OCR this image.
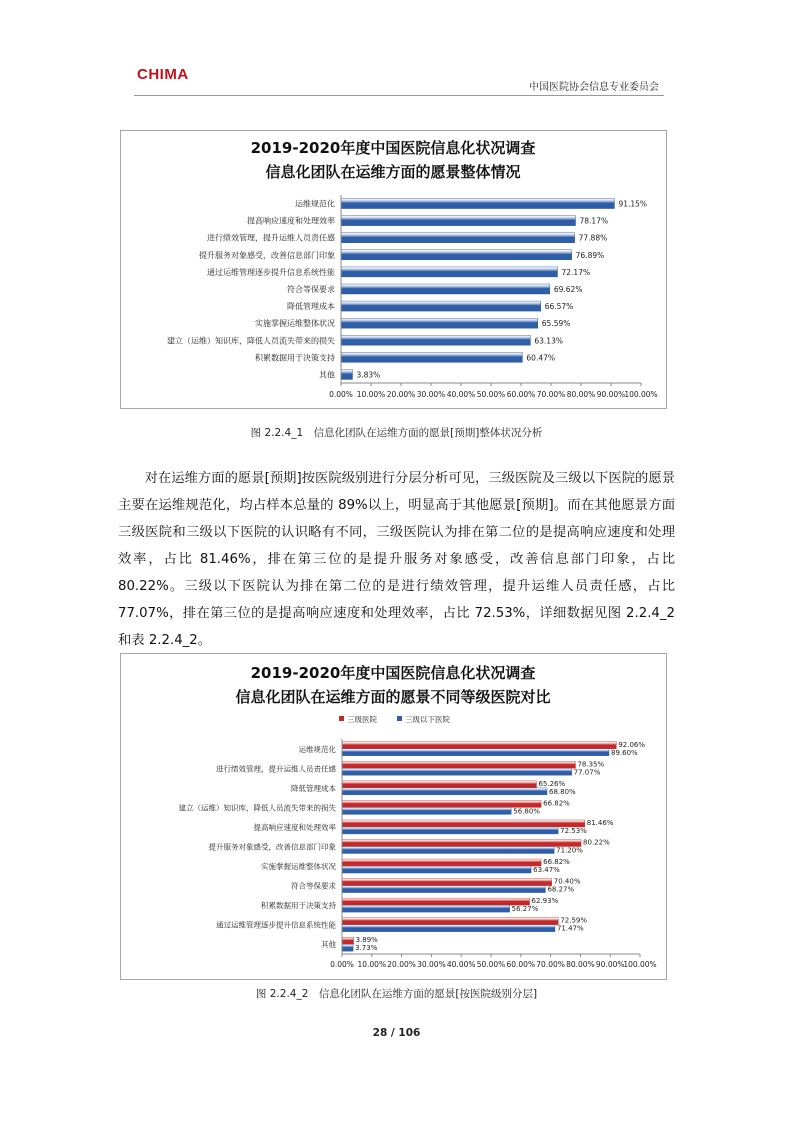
CHIMA
中国医院协会信息专业委员会
2019-2020年度中国医院信息化状况调查
信息化团队在运维方面的愿景整体情况
运维规范化	91.15%
提高响应速度和处理效率	78.17%
进行绩效管理，提升运维人员责任感	77.88%
提升服务对象感受，改善信息部门印象	76.89%
通过运维管理逐步提升信息系统性能	72.17%
符合等保要求	69.62%
降低管理成本	66.57%
实施掌握运维整体状况	65.59%
建立（运维）知识库，降低人员流失带来的损失	63.13%
积累数据用于决策支持	60.47%
其他	3.83%
0.00% 10.00% 20.00% 30.00% 40.00% 50.00% 60.00% 70.00% 80.00% 90.00% 100.00%
图 2.2.4_1　信息化团队在运维方面的愿景[预期]整体状况分析

对在运维方面的愿景[预期]按医院级别进行分层分析可见，三级医院及三级以下医院的愿景主要在运维规范化，均占样本总量的 89%以上，明显高于其他愿景[预期]。而在其他愿景方面三级医院和三级以下医院的认识略有不同，三级医院认为排在第二位的是提高响应速度和处理效率，占比 81.46%，排在第三位的是提升服务对象感受，改善信息部门印象，占比 80.22%。三级以下医院认为排在第二位的是进行绩效管理，提升运维人员责任感，占比 77.07%，排在第三位的是提高响应速度和处理效率，占比 72.53%，详细数据见图 2.2.4_2 和表 2.2.4_2。

2019-2020年度中国医院信息化状况调查
信息化团队在运维方面的愿景不同等级医院对比
三级医院	三级以下医院
运维规范化	92.06%
89.60%
进行绩效管理，提升运维人员责任感	78.35%
77.07%
降低管理成本	65.26%
68.80%
建立（运维）知识库，降低人员流失带来的损失	66.82%
56.80%
提高响应速度和处理效率	81.46%
72.53%
提升服务对象感受，改善信息部门印象	80.22%
71.20%
实施掌握运维整体状况	66.82%
63.47%
符合等保要求	70.40%
68.27%
积累数据用于决策支持	62.93%
56.27%
通过运维管理逐步提升信息系统性能	72.59%
71.47%
其他	3.89%
3.73%
0.00% 10.00% 20.00% 30.00% 40.00% 50.00% 60.00% 70.00% 80.00% 90.00%
100.00%
图 2.2.4_2　信息化团队在运维方面的愿景[按医院级别分层]
28 / 106
